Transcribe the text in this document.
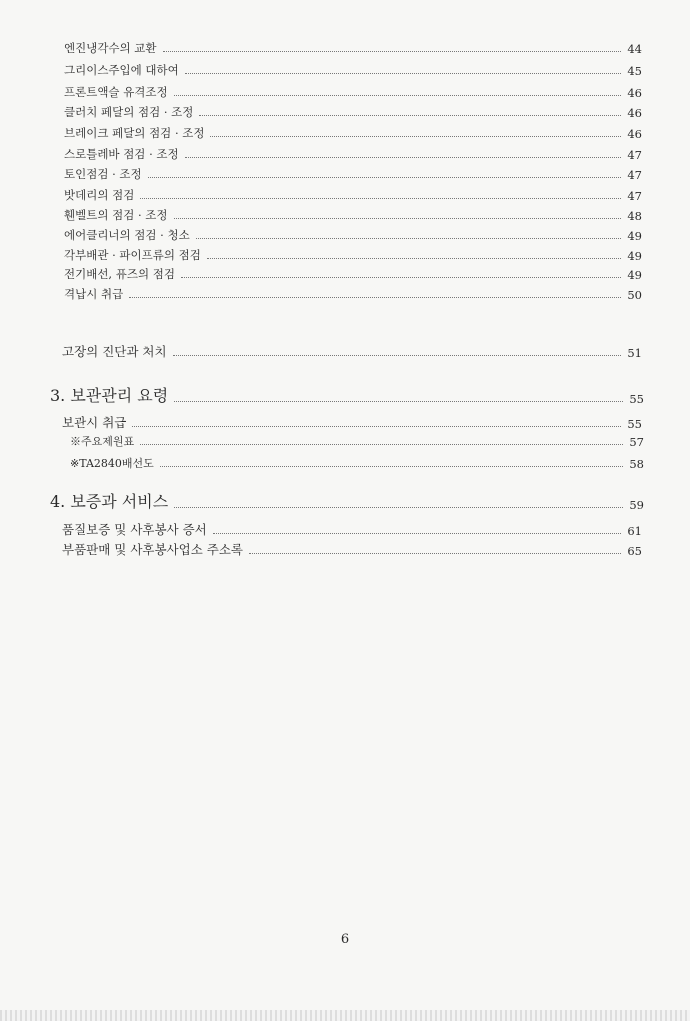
엔진냉각수의 교환	44
그리이스주입에 대하여	45
프론트액슬 유격조정	46
클러치 페달의 점검 · 조정	46
브레이크 페달의 점검 · 조정	46
스로틀레바 점검 · 조정	47
토인점검 · 조정	47
밧데리의 점검	47
휀벨트의 점검 · 조정	48
에어클리너의 점검 · 청소	49
각부배관 · 파이프류의 점검	49
전기배선, 퓨즈의 점검	49
격납시 취급	50
고장의 진단과 처치	51
3. 보관관리 요령	55
보관시 취급	55
※주요제원표	57
※TA2840배선도	58
4. 보증과 서비스	59
품질보증 및 사후봉사 증서	61
부품판매 및 사후봉사업소 주소록	65
6
